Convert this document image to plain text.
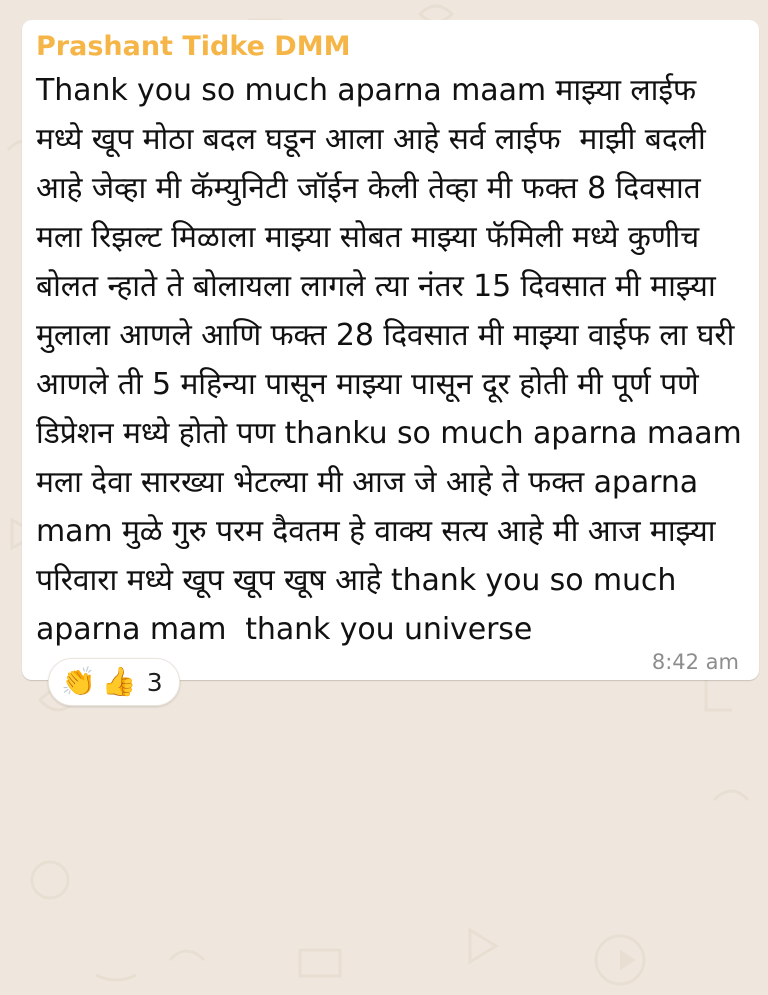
Prashant Tidke DMM
Thank you so much aparna maam माझ्या लाईफ मध्ये खूप मोठा बदल घडून आला आहे सर्व लाईफ  माझी बदली आहे जेव्हा मी कॅम्युनिटी जॉईन केली तेव्हा मी फक्त 8 दिवसात मला रिझल्ट मिळाला माझ्या सोबत माझ्या फॅमिली मध्ये कुणीच बोलत न्हाते ते बोलायला लागले त्या नंतर 15 दिवसात मी माझ्या मुलाला आणले आणि फक्त 28 दिवसात मी माझ्या वाईफ ला घरी आणले ती 5 महिन्या पासून माझ्या पासून दूर होती मी पूर्ण पणे डिप्रेशन मध्ये होतो पण thanku so much aparna maam मला देवा सारख्या भेटल्या मी आज जे आहे ते फक्त aparna mam मुळे गुरु परम दैवतम हे वाक्य सत्य आहे मी आज माझ्या परिवारा मध्ये खूप खूप खूष आहे thank you so much aparna mam  thank you universe
8:42 am
👏 👍 3
